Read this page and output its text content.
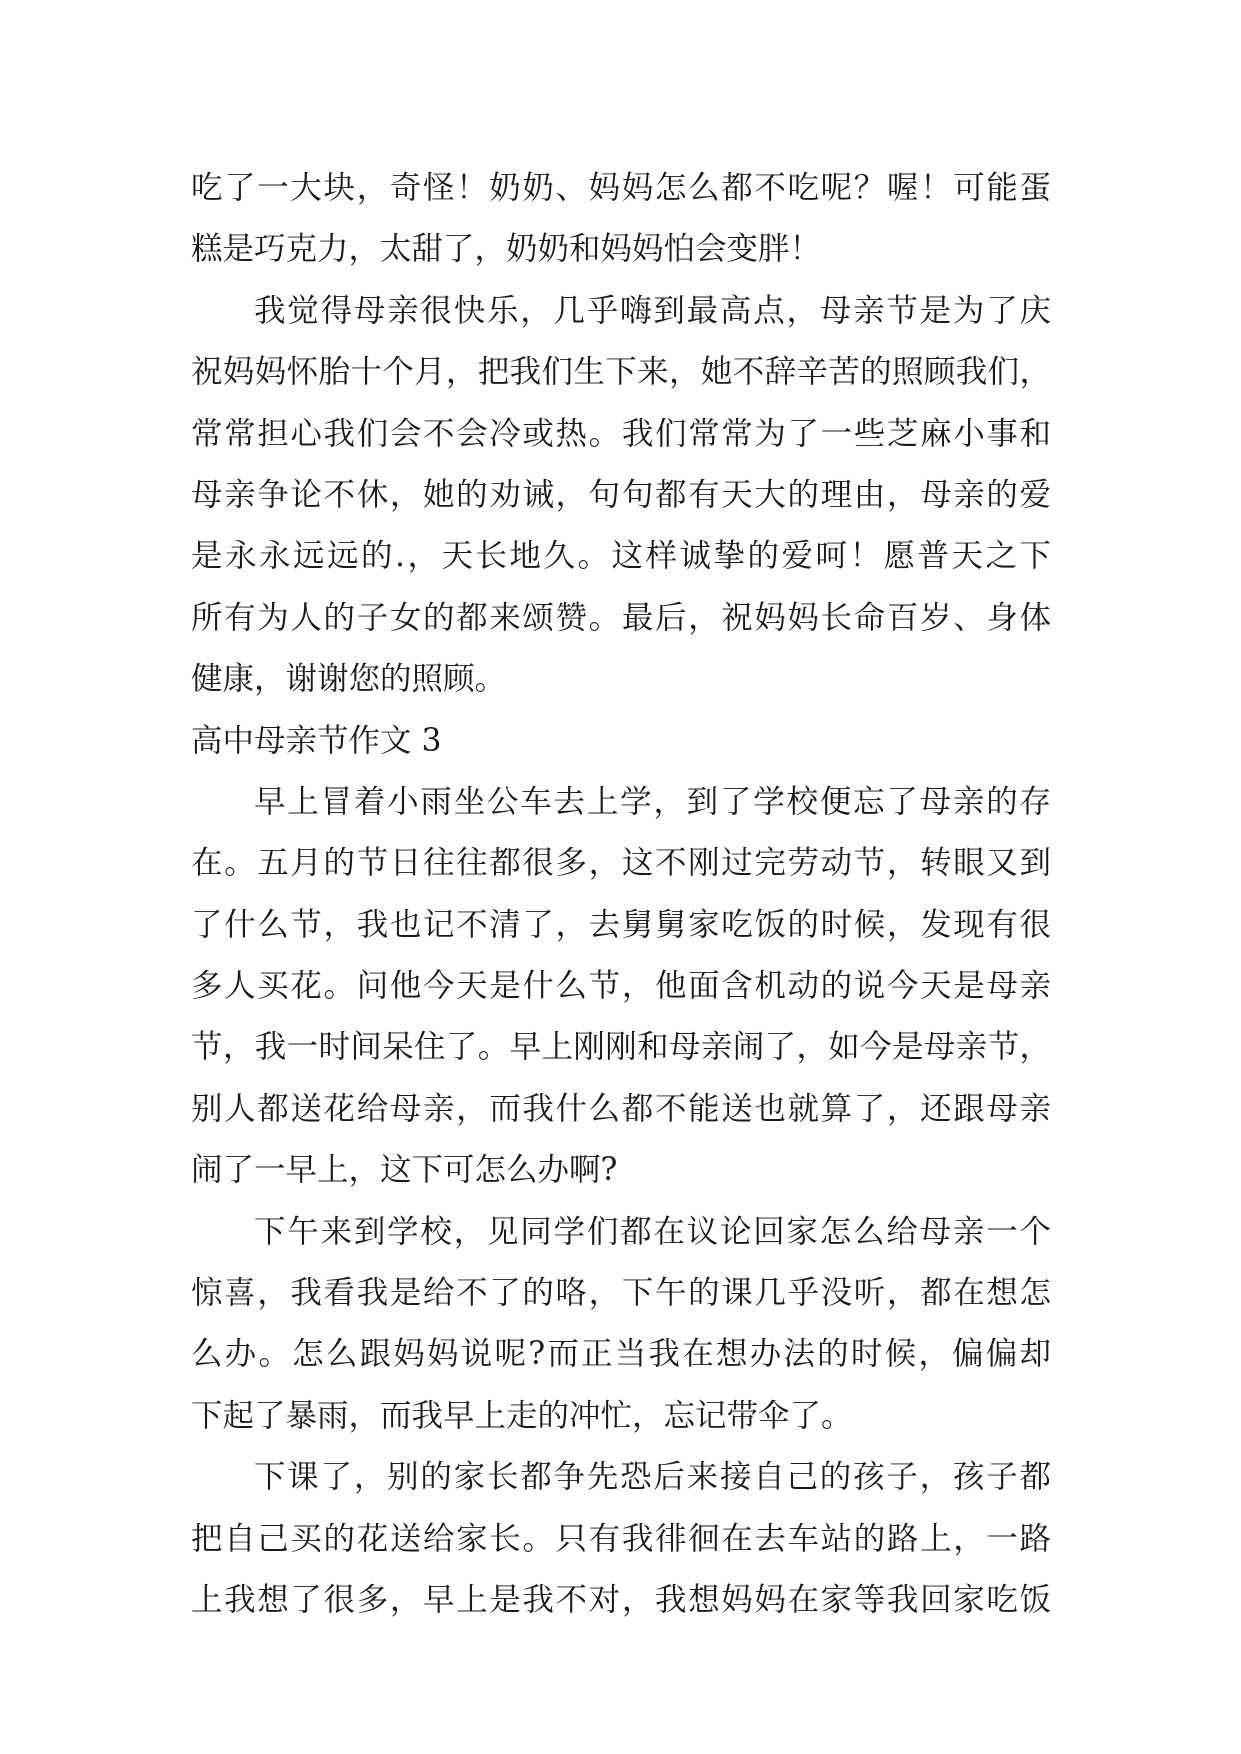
吃了一大块，奇怪！奶奶、妈妈怎么都不吃呢？喔！可能蛋
糕是巧克力，太甜了，奶奶和妈妈怕会变胖！
我觉得母亲很快乐，几乎嗨到最高点，母亲节是为了庆
祝妈妈怀胎十个月，把我们生下来，她不辞辛苦的照顾我们，
常常担心我们会不会冷或热。我们常常为了一些芝麻小事和
母亲争论不休，她的劝诫，句句都有天大的理由，母亲的爱
是永永远远的.，天长地久。这样诚挚的爱呵！愿普天之下
所有为人的子女的都来颂赞。最后，祝妈妈长命百岁、身体
健康，谢谢您的照顾。
高中母亲节作文 3
早上冒着小雨坐公车去上学，到了学校便忘了母亲的存
在。五月的节日往往都很多，这不刚过完劳动节，转眼又到
了什么节，我也记不清了，去舅舅家吃饭的时候，发现有很
多人买花。问他今天是什么节，他面含机动的说今天是母亲
节，我一时间呆住了。早上刚刚和母亲闹了，如今是母亲节，
别人都送花给母亲，而我什么都不能送也就算了，还跟母亲
闹了一早上，这下可怎么办啊?
下午来到学校，见同学们都在议论回家怎么给母亲一个
惊喜，我看我是给不了的咯，下午的课几乎没听，都在想怎
么办。怎么跟妈妈说呢?而正当我在想办法的时候，偏偏却
下起了暴雨，而我早上走的冲忙，忘记带伞了。
下课了，别的家长都争先恐后来接自己的孩子，孩子都
把自己买的花送给家长。只有我徘徊在去车站的路上，一路
上我想了很多，早上是我不对，我想妈妈在家等我回家吃饭
